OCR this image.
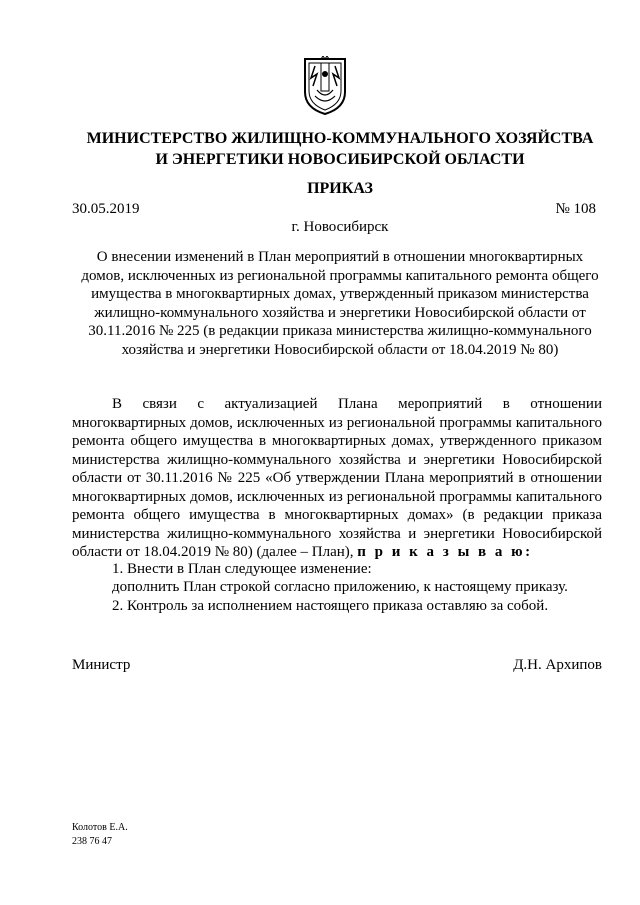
МИНИСТЕРСТВО ЖИЛИЩНО-КОММУНАЛЬНОГО ХОЗЯЙСТВА
И ЭНЕРГЕТИКИ НОВОСИБИРСКОЙ ОБЛАСТИ
ПРИКАЗ
30.05.2019	№ 108
г. Новосибирск
О внесении изменений в План мероприятий в отношении многоквартирных домов, исключенных из региональной программы капитального ремонта общего имущества в многоквартирных домах, утвержденный приказом министерства жилищно-коммунального хозяйства и энергетики Новосибирской области от 30.11.2016 № 225 (в редакции приказа министерства жилищно-коммунального хозяйства и энергетики Новосибирской области от 18.04.2019 № 80)

В связи с актуализацией Плана мероприятий в отношении многоквартирных домов, исключенных из региональной программы капитального ремонта общего имущества в многоквартирных домах, утвержденного приказом министерства жилищно-коммунального хозяйства и энергетики Новосибирской области от 30.11.2016 № 225 «Об утверждении Плана мероприятий в отношении многоквартирных домов, исключенных из региональной программы капитального ремонта общего имущества в многоквартирных домах» (в редакции приказа министерства жилищно-коммунального хозяйства и энергетики Новосибирской области от 18.04.2019 № 80) (далее – План), п р и к а з ы в а ю:

1. Внести в План следующее изменение:
дополнить План строкой согласно приложению, к настоящему приказу.
2. Контроль за исполнением настоящего приказа оставляю за собой.
Министр	Д.Н. Архипов
Колотов Е.А.
238 76 47
